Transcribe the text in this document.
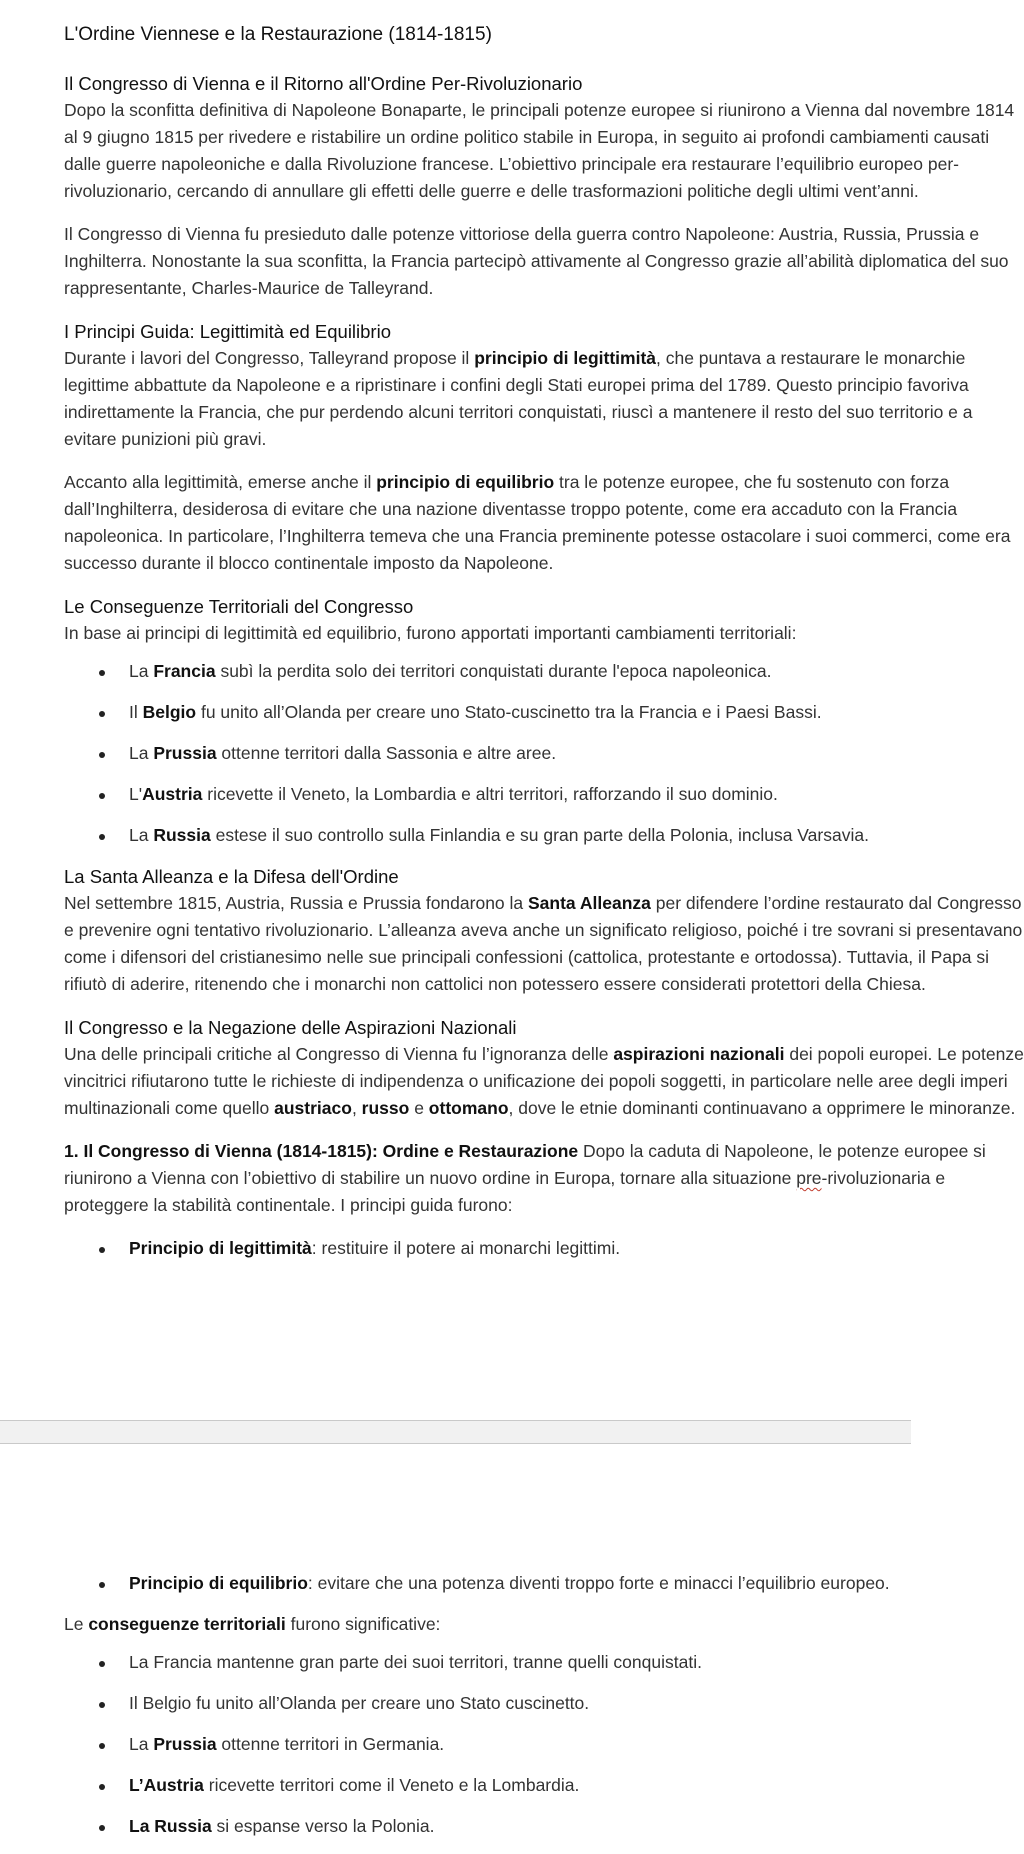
L'Ordine Viennese e la Restaurazione (1814-1815)
Il Congresso di Vienna e il Ritorno all'Ordine Per-Rivoluzionario

Dopo la sconfitta definitiva di Napoleone Bonaparte, le principali potenze europee si riunirono a Vienna dal novembre 1814 al 9 giugno 1815 per rivedere e ristabilire un ordine politico stabile in Europa, in seguito ai profondi cambiamenti causati dalle guerre napoleoniche e dalla Rivoluzione francese. L’obiettivo principale era restaurare l’equilibrio europeo per-rivoluzionario, cercando di annullare gli effetti delle guerre e delle trasformazioni politiche degli ultimi vent’anni.

Il Congresso di Vienna fu presieduto dalle potenze vittoriose della guerra contro Napoleone: Austria, Russia, Prussia e Inghilterra. Nonostante la sua sconfitta, la Francia partecipò attivamente al Congresso grazie all’abilità diplomatica del suo rappresentante, Charles-Maurice de Talleyrand.

I Principi Guida: Legittimità ed Equilibrio

Durante i lavori del Congresso, Talleyrand propose il principio di legittimità, che puntava a restaurare le monarchie legittime abbattute da Napoleone e a ripristinare i confini degli Stati europei prima del 1789. Questo principio favoriva indirettamente la Francia, che pur perdendo alcuni territori conquistati, riuscì a mantenere il resto del suo territorio e a evitare punizioni più gravi.

Accanto alla legittimità, emerse anche il principio di equilibrio tra le potenze europee, che fu sostenuto con forza dall’Inghilterra, desiderosa di evitare che una nazione diventasse troppo potente, come era accaduto con la Francia napoleonica. In particolare, l’Inghilterra temeva che una Francia preminente potesse ostacolare i suoi commerci, come era successo durante il blocco continentale imposto da Napoleone.

Le Conseguenze Territoriali del Congresso
In base ai principi di legittimità ed equilibrio, furono apportati importanti cambiamenti territoriali:
La Francia subì la perdita solo dei territori conquistati durante l'epoca napoleonica.
Il Belgio fu unito all’Olanda per creare uno Stato-cuscinetto tra la Francia e i Paesi Bassi.
La Prussia ottenne territori dalla Sassonia e altre aree.
L'Austria ricevette il Veneto, la Lombardia e altri territori, rafforzando il suo dominio.
La Russia estese il suo controllo sulla Finlandia e su gran parte della Polonia, inclusa Varsavia.
La Santa Alleanza e la Difesa dell'Ordine

Nel settembre 1815, Austria, Russia e Prussia fondarono la Santa Alleanza per difendere l’ordine restaurato dal Congresso e prevenire ogni tentativo rivoluzionario. L’alleanza aveva anche un significato religioso, poiché i tre sovrani si presentavano come i difensori del cristianesimo nelle sue principali confessioni (cattolica, protestante e ortodossa). Tuttavia, il Papa si rifiutò di aderire, ritenendo che i monarchi non cattolici non potessero essere considerati protettori della Chiesa.

Il Congresso e la Negazione delle Aspirazioni Nazionali

Una delle principali critiche al Congresso di Vienna fu l’ignoranza delle aspirazioni nazionali dei popoli europei. Le potenze vincitrici rifiutarono tutte le richieste di indipendenza o unificazione dei popoli soggetti, in particolare nelle aree degli imperi multinazionali come quello austriaco, russo e ottomano, dove le etnie dominanti continuavano a opprimere le minoranze.

1. Il Congresso di Vienna (1814-1815): Ordine e Restaurazione Dopo la caduta di Napoleone, le potenze europee si riunirono a Vienna con l’obiettivo di stabilire un nuovo ordine in Europa, tornare alla situazione pre-rivoluzionaria e proteggere la stabilità continentale. I principi guida furono:

Principio di legittimità: restituire il potere ai monarchi legittimi.
Principio di equilibrio: evitare che una potenza diventi troppo forte e minacci l’equilibrio europeo.

Le conseguenze territoriali furono significative:

La Francia mantenne gran parte dei suoi territori, tranne quelli conquistati.
Il Belgio fu unito all’Olanda per creare uno Stato cuscinetto.
La Prussia ottenne territori in Germania.
L’Austria ricevette territori come il Veneto e la Lombardia.
La Russia si espanse verso la Polonia.
